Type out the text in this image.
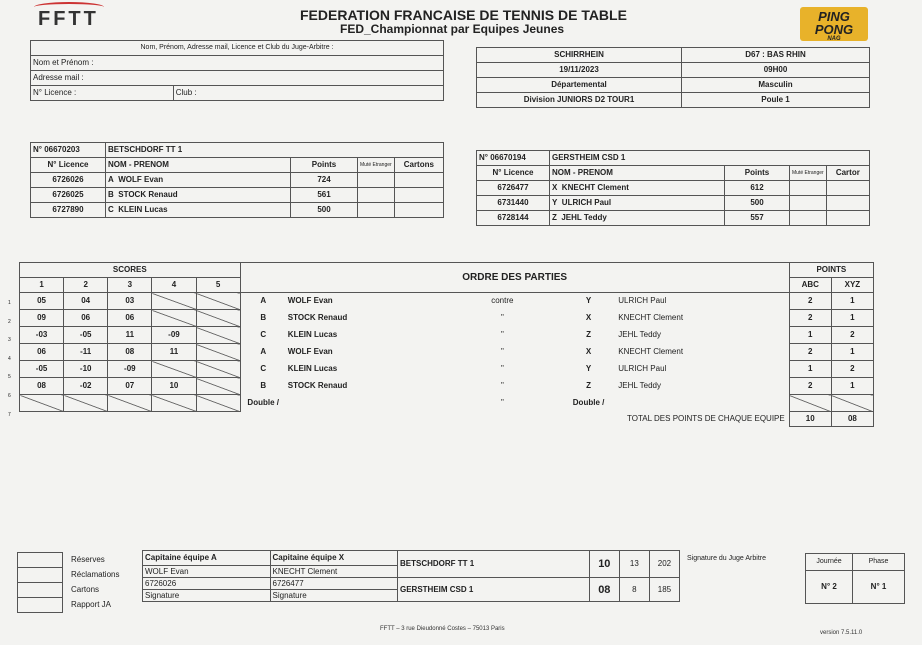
FFTT	FEDERATION FRANCAISE DE TENNIS DE TABLE
FED_Championnat par Equipes Jeunes
PING
PONG
NAG
Nom, Prénom, Adresse mail, Licence et Club du Juge-Arbitre :
Nom et Prénom :
Adresse mail :
N° Licence :	Club :
SCHIRRHEIN	D67 : BAS RHIN
19/11/2023	09H00
Départemental	Masculin
Division JUNIORS D2 TOUR1	Poule 1
N° 06670203	BETSCHDORF TT 1			
N° Licence	NOM - PRENOM	Points	Muté Etranger	Cartons
6726026	A WOLF Evan	724		
6726025	B STOCK Renaud	561		
6727890	C KLEIN Lucas	500		
N° 06670194	GERSTHEIM CSD 1			
N° Licence	NOM - PRENOM	Points	Muté Etranger	Cartor
6726477	X KNECHT Clement	612		
6731440	Y ULRICH Paul	500		
6728144	Z JEHL Teddy	557		
SCORES					ORDRE DES PARTIES						POINTS	
1	2	3	4	5							ABC	XYZ
05	04	03			A	WOLF Evan	contre	Y	ULRICH Paul		2	1
09	06	06			B	STOCK Renaud	"	X	KNECHT Clement		2	1
-03	-05	11	-09		C	KLEIN Lucas	"	Z	JEHL Teddy		1	2
06	-11	08	11		A	WOLF Evan	"	X	KNECHT Clement		2	1
-05	-10	-09			C	KLEIN Lucas	"	Y	ULRICH Paul		1	2
08	-02	07	10		B	STOCK Renaud	"	Z	JEHL Teddy		2	1
					Double /		"	Double /				
TOTAL DES POINTS DE CHAQUE EQUIPE											10	08
1
2
3
4
5
6
7
	Réserves
	Réclamations
	Cartons
	Rapport JA
Capitaine équipe A	Capitaine équipe X	BETSCHDORF TT 1	10	13	202
WOLF Evan	KNECHT Clement				
6726026	6726477	GERSTHEIM CSD 1	08	8	185
Signature	Signature				
Signature du Juge Arbitre	Journée	Phase
N° 2	N° 1
FFTT – 3 rue Dieudonné Costes – 75013 Paris
version 7.5.11.0
